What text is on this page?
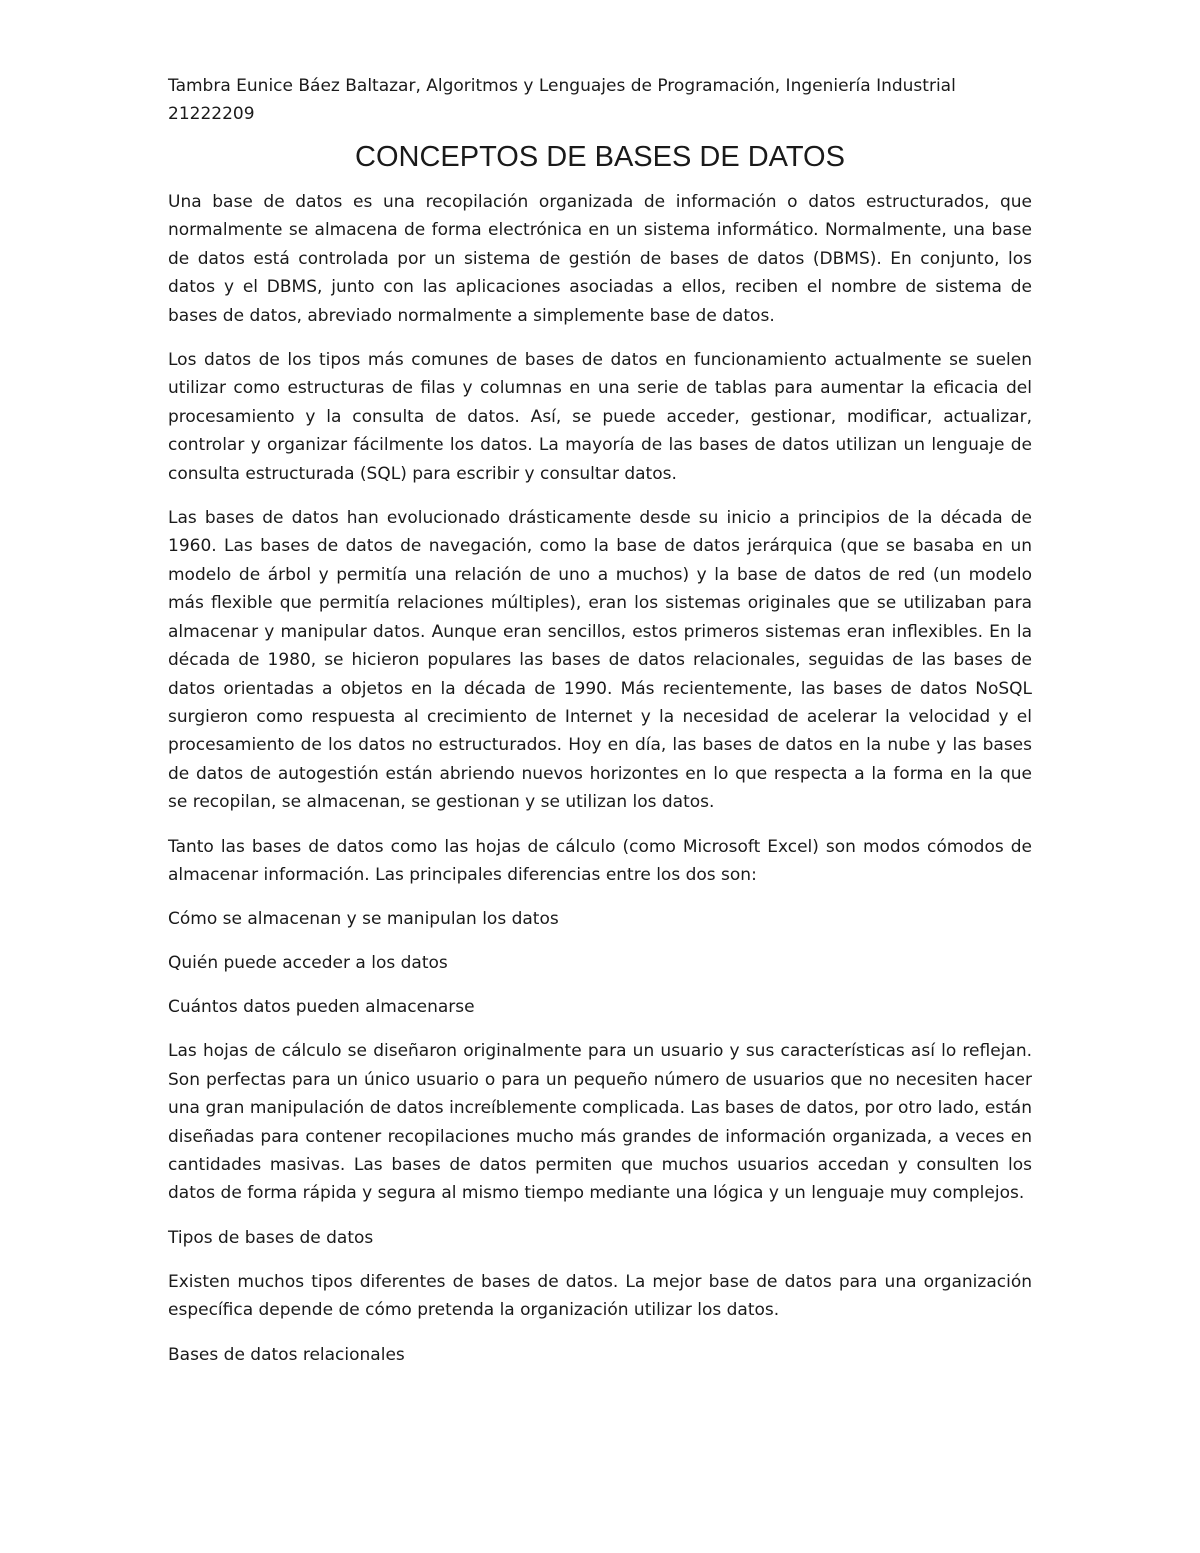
Tambra Eunice Báez Baltazar, Algoritmos y Lenguajes de Programación, Ingeniería Industrial

21222209

CONCEPTOS DE BASES DE DATOS

Una base de datos es una recopilación organizada de información o datos estructurados, que normalmente se almacena de forma electrónica en un sistema informático. Normalmente, una base de datos está controlada por un sistema de gestión de bases de datos (DBMS). En conjunto, los datos y el DBMS, junto con las aplicaciones asociadas a ellos, reciben el nombre de sistema de bases de datos, abreviado normalmente a simplemente base de datos.

Los datos de los tipos más comunes de bases de datos en funcionamiento actualmente se suelen utilizar como estructuras de filas y columnas en una serie de tablas para aumentar la eficacia del procesamiento y la consulta de datos. Así, se puede acceder, gestionar, modificar, actualizar, controlar y organizar fácilmente los datos. La mayoría de las bases de datos utilizan un lenguaje de consulta estructurada (SQL) para escribir y consultar datos.

Las bases de datos han evolucionado drásticamente desde su inicio a principios de la década de 1960. Las bases de datos de navegación, como la base de datos jerárquica (que se basaba en un modelo de árbol y permitía una relación de uno a muchos) y la base de datos de red (un modelo más flexible que permitía relaciones múltiples), eran los sistemas originales que se utilizaban para almacenar y manipular datos. Aunque eran sencillos, estos primeros sistemas eran inflexibles. En la década de 1980, se hicieron populares las bases de datos relacionales, seguidas de las bases de datos orientadas a objetos en la década de 1990. Más recientemente, las bases de datos NoSQL surgieron como respuesta al crecimiento de Internet y la necesidad de acelerar la velocidad y el procesamiento de los datos no estructurados. Hoy en día, las bases de datos en la nube y las bases de datos de autogestión están abriendo nuevos horizontes en lo que respecta a la forma en la que se recopilan, se almacenan, se gestionan y se utilizan los datos.

Tanto las bases de datos como las hojas de cálculo (como Microsoft Excel) son modos cómodos de almacenar información. Las principales diferencias entre los dos son:

Cómo se almacenan y se manipulan los datos

Quién puede acceder a los datos

Cuántos datos pueden almacenarse

Las hojas de cálculo se diseñaron originalmente para un usuario y sus características así lo reflejan. Son perfectas para un único usuario o para un pequeño número de usuarios que no necesiten hacer una gran manipulación de datos increíblemente complicada. Las bases de datos, por otro lado, están diseñadas para contener recopilaciones mucho más grandes de información organizada, a veces en cantidades masivas. Las bases de datos permiten que muchos usuarios accedan y consulten los datos de forma rápida y segura al mismo tiempo mediante una lógica y un lenguaje muy complejos.

Tipos de bases de datos

Existen muchos tipos diferentes de bases de datos. La mejor base de datos para una organización específica depende de cómo pretenda la organización utilizar los datos.

Bases de datos relacionales
